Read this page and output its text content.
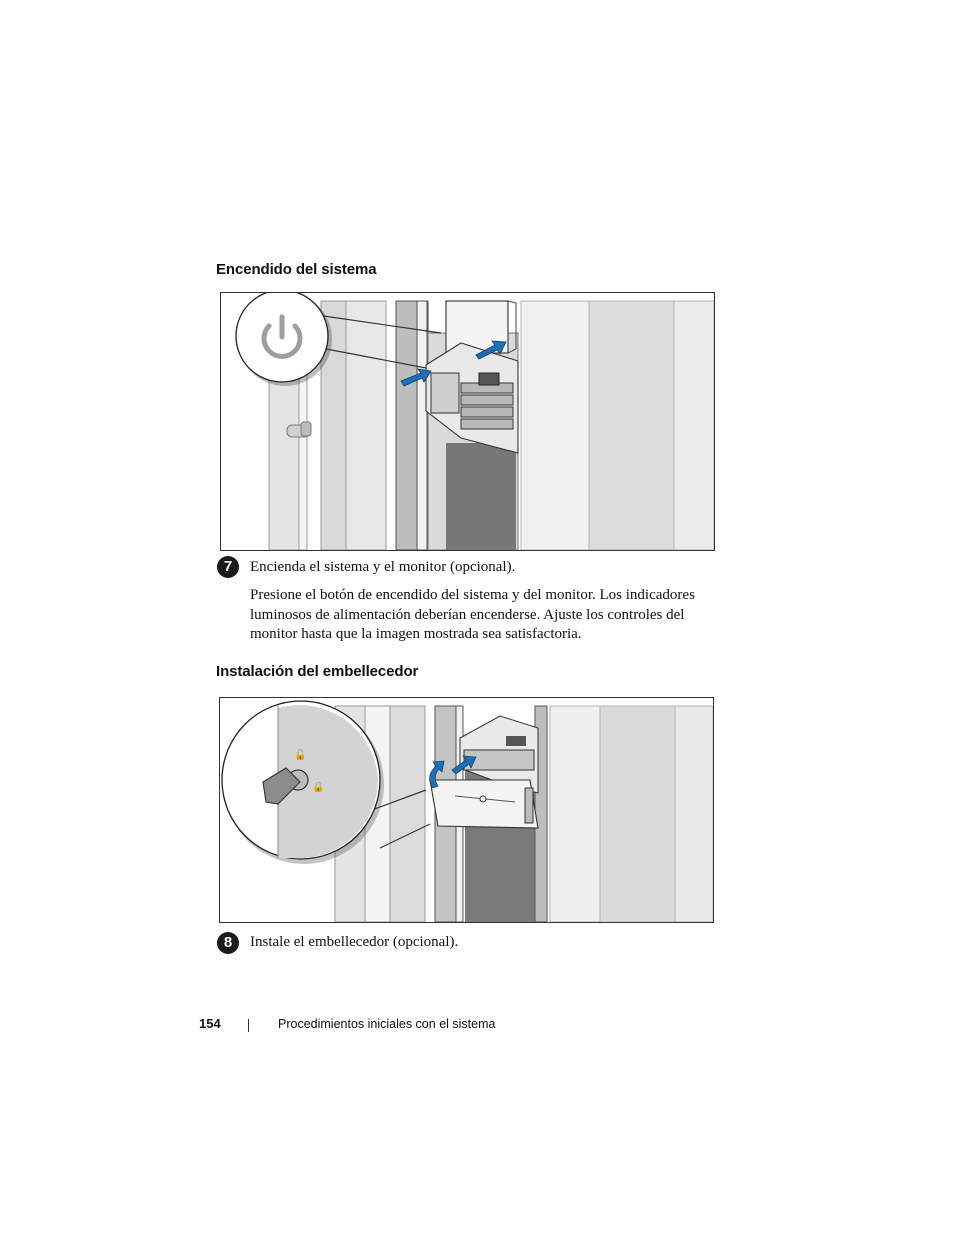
Encendido del sistema
7	Encienda el sistema y el monitor (opcional).
Presione el botón de encendido del sistema y del monitor. Los indicadores luminosos de alimentación deberían encenderse. Ajuste los controles del monitor hasta que la imagen mostrada sea satisfactoria.
Instalación del embellecedor
🔓
🔒
8	Instale el embellecedor (opcional).
154	Procedimientos iniciales con el sistema
